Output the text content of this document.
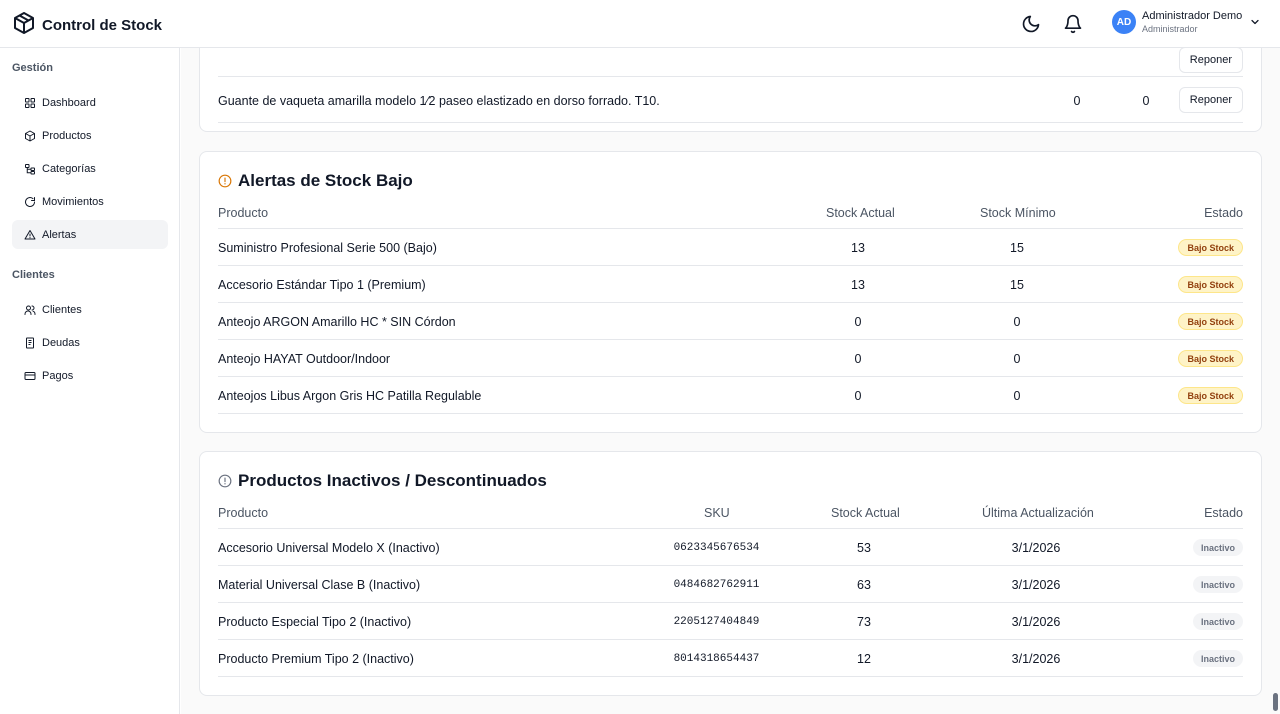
Control de Stock	AD
Administrador Demo
Administrador
Gestión
Dashboard
Productos
Categorías
Movimientos
Alertas
Clientes
Clientes
Deudas
Pagos
Reponer
Guante de vaqueta amarilla modelo 1⁄2 paseo elastizado en dorso forrado. T10.	0	0	Reponer
Alertas de Stock Bajo
Producto	Stock Actual	Stock Mínimo	Estado
Suministro Profesional Serie 500 (Bajo)	13	15	Bajo Stock
Accesorio Estándar Tipo 1 (Premium)	13	15	Bajo Stock
Anteojo ARGON Amarillo HC * SIN Córdon	0	0	Bajo Stock
Anteojo HAYAT Outdoor/Indoor	0	0	Bajo Stock
Anteojos Libus Argon Gris HC Patilla Regulable	0	0	Bajo Stock
Productos Inactivos / Descontinuados
Producto	SKU	Stock Actual	Última Actualización	Estado
Accesorio Universal Modelo X (Inactivo)	0623345676534	53	3/1/2026	Inactivo
Material Universal Clase B (Inactivo)	0484682762911	63	3/1/2026	Inactivo
Producto Especial Tipo 2 (Inactivo)	2205127404849	73	3/1/2026	Inactivo
Producto Premium Tipo 2 (Inactivo)	8014318654437	12	3/1/2026	Inactivo
